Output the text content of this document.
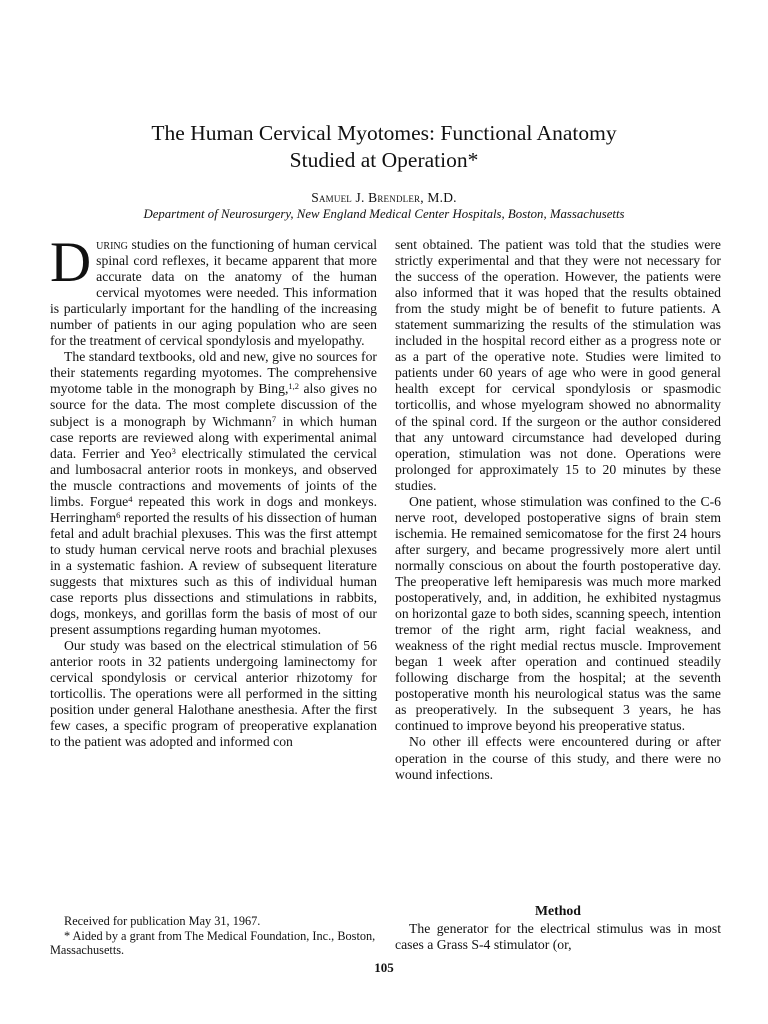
The Human Cervical Myotomes: Functional Anatomy
Studied at Operation*
Samuel J. Brendler, M.D.
Department of Neurosurgery, New England Medical Center Hospitals, Boston, Massachusetts

During studies on the functioning of human cervical spinal cord reflexes, it became apparent that more accurate data on the anatomy of the human cervical myotomes were needed. This information is particularly important for the handling of the increasing number of patients in our aging population who are seen for the treatment of cervical spondylosis and myelopathy.

The standard textbooks, old and new, give no sources for their statements regarding myotomes. The comprehensive myotome table in the monograph by Bing,$^{1,2}$ also gives no source for the data. The most complete discussion of the subject is a monograph by Wichmann$^7$ in which human case reports are reviewed along with experimental animal data. Ferrier and Yeo$^3$ electrically stimulated the cervical and lumbosacral anterior roots in monkeys, and observed the muscle contractions and movements of joints of the limbs. Forgue$^4$ repeated this work in dogs and monkeys. Herringham$^6$ reported the results of his dissection of human fetal and adult brachial plexuses. This was the first attempt to study human cervical nerve roots and brachial plexuses in a systematic fashion. A review of subsequent literature suggests that mixtures such as this of individual human case reports plus dissections and stimulations in rabbits, dogs, monkeys, and gorillas form the basis of most of our present assumptions regarding human myotomes.

Our study was based on the electrical stimulation of 56 anterior roots in 32 patients undergoing laminectomy for cervical spondylosis or cervical anterior rhizotomy for torticollis. The operations were all performed in the sitting position under general Halothane anesthesia. After the first few cases, a specific program of preoperative explanation to the patient was adopted and informed con

sent obtained. The patient was told that the studies were strictly experimental and that they were not necessary for the success of the operation. However, the patients were also informed that it was hoped that the results obtained from the study might be of benefit to future patients. A statement summarizing the results of the stimulation was included in the hospital record either as a progress note or as a part of the operative note. Studies were limited to patients under 60 years of age who were in good general health except for cervical spondylosis or spasmodic torticollis, and whose myelogram showed no abnormality of the spinal cord. If the surgeon or the author considered that any untoward circumstance had developed during operation, stimulation was not done. Operations were prolonged for approximately 15 to 20 minutes by these studies.

One patient, whose stimulation was confined to the C-6 nerve root, developed postoperative signs of brain stem ischemia. He remained semicomatose for the first 24 hours after surgery, and became progressively more alert until normally conscious on about the fourth postoperative day. The preoperative left hemiparesis was much more marked postoperatively, and, in addition, he exhibited nystagmus on horizontal gaze to both sides, scanning speech, intention tremor of the right arm, right facial weakness, and weakness of the right medial rectus muscle. Improvement began 1 week after operation and continued steadily following discharge from the hospital; at the seventh postoperative month his neurological status was the same as preoperatively. In the subsequent 3 years, he has continued to improve beyond his preoperative status.

No other ill effects were encountered during or after operation in the course of this study, and there were no wound infections.

Method

The generator for the electrical stimulus was in most cases a Grass S-4 stimulator (or,

Received for publication May 31, 1967.

* Aided by a grant from The Medical Foundation, Inc., Boston, Massachusetts.

105
